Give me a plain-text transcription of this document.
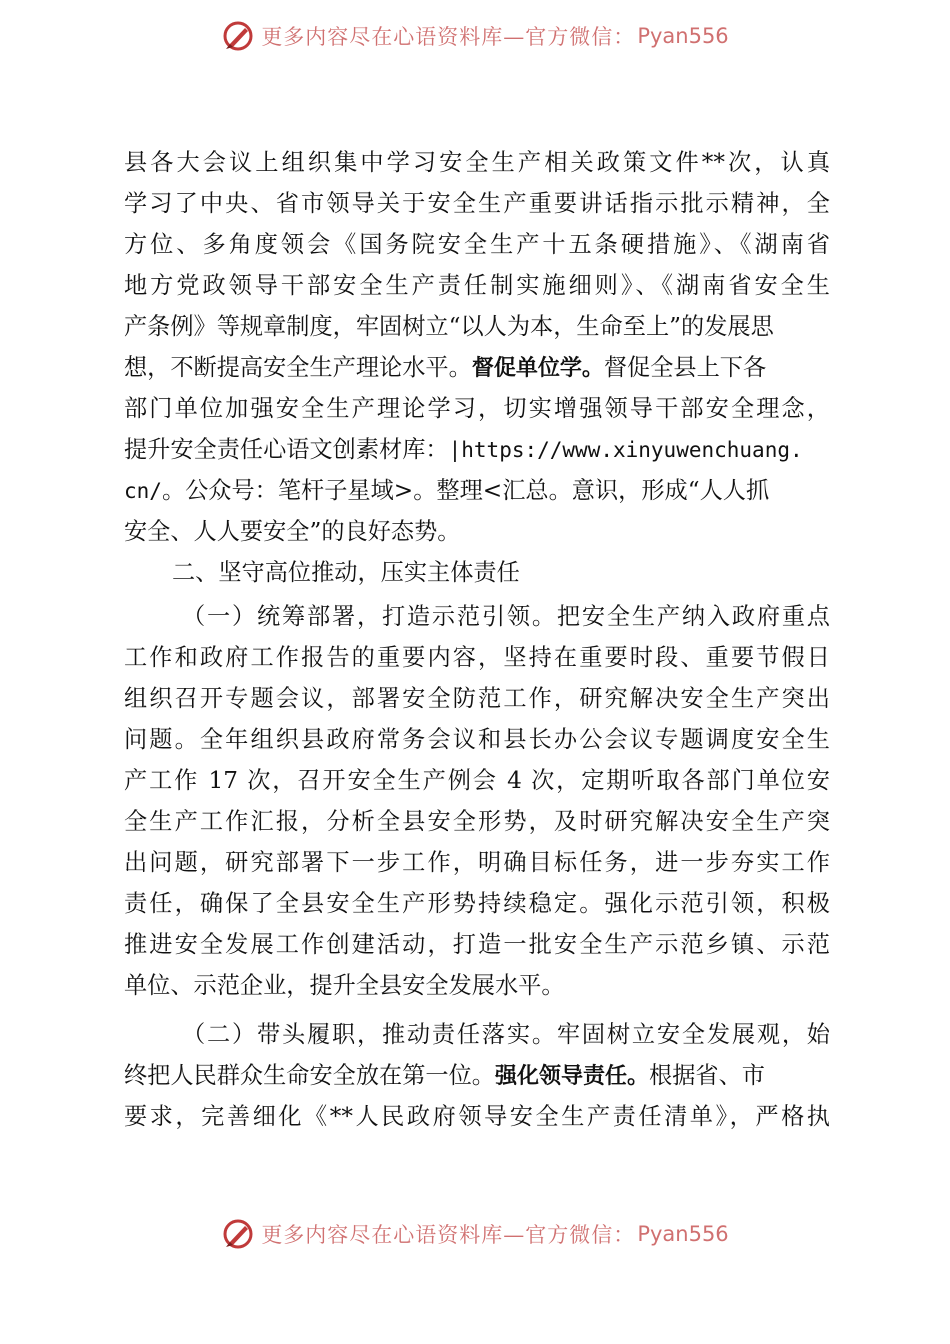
更多内容尽在心语资料库—官方微信： Pyan556
县各大会议上组织集中学习安全生产相关政策文件**次，认真
学习了中央、省市领导关于安全生产重要讲话指示批示精神，全
方位、多角度领会《国务院安全生产十五条硬措施》、《湖南省
地方党政领导干部安全生产责任制实施细则》、《湖南省安全生
产条例》等规章制度，牢固树立“以人为本，生命至上”的发展思
想，不断提高安全生产理论水平。督促单位学。督促全县上下各
部门单位加强安全生产理论学习，切实增强领导干部安全理念，
提升安全责任心语文创素材库：|https://www.xinyuwenchuang.
cn/。公众号：笔杆子星域>。整理<汇总。意识，形成“人人抓
安全、人人要安全”的良好态势。
二、坚守高位推动，压实主体责任
（一）统筹部署，打造示范引领。把安全生产纳入政府重点
工作和政府工作报告的重要内容，坚持在重要时段、重要节假日
组织召开专题会议，部署安全防范工作，研究解决安全生产突出
问题。全年组织县政府常务会议和县长办公会议专题调度安全生
产工作 17 次，召开安全生产例会 4 次，定期听取各部门单位安
全生产工作汇报，分析全县安全形势，及时研究解决安全生产突
出问题，研究部署下一步工作，明确目标任务，进一步夯实工作
责任，确保了全县安全生产形势持续稳定。强化示范引领，积极
推进安全发展工作创建活动，打造一批安全生产示范乡镇、示范
单位、示范企业，提升全县安全发展水平。
（二）带头履职，推动责任落实。牢固树立安全发展观，始
终把人民群众生命安全放在第一位。强化领导责任。根据省、市
要求，完善细化《**人民政府领导安全生产责任清单》，严格执
更多内容尽在心语资料库—官方微信： Pyan556
